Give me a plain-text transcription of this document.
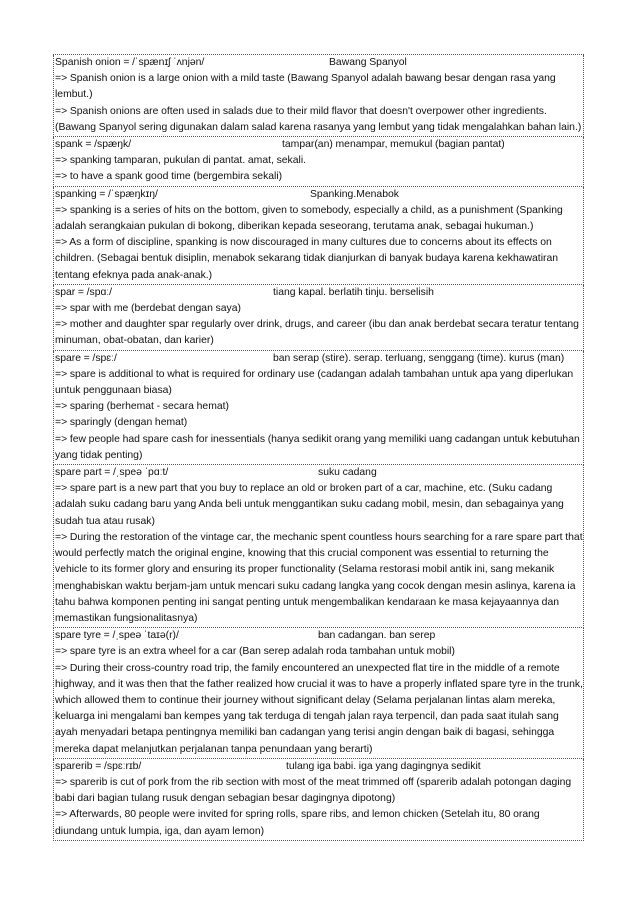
Spanish onion = /ˈspænɪʃ ˈʌnjən/	Bawang Spanyol
=> Spanish onion is a large onion with a mild taste (Bawang Spanyol adalah bawang besar dengan rasa yang lembut.)
=> Spanish onions are often used in salads due to their mild flavor that doesn't overpower other ingredients. (Bawang Spanyol sering digunakan dalam salad karena rasanya yang lembut yang tidak mengalahkan bahan lain.)
spank = /spæŋk/	tampar(an) menampar, memukul (bagian pantat)
=> spanking tamparan, pukulan di pantat. amat, sekali.
=> to have a spank good time (bergembira sekali)
spanking = /ˈspæŋkɪŋ/	Spanking.Menabok
=> spanking is a series of hits on the bottom, given to somebody, especially a child, as a punishment (Spanking adalah serangkaian pukulan di bokong, diberikan kepada seseorang, terutama anak, sebagai hukuman.)
=> As a form of discipline, spanking is now discouraged in many cultures due to concerns about its effects on children. (Sebagai bentuk disiplin, menabok sekarang tidak dianjurkan di banyak budaya karena kekhawatiran tentang efeknya pada anak-anak.)
spar = /spɑː/	tiang kapal. berlatih tinju. berselisih
=> spar with me (berdebat dengan saya)
=> mother and daughter spar regularly over drink, drugs, and career (ibu dan anak berdebat secara teratur tentang minuman, obat-obatan, dan karier)
spare = /spɛː/	ban serap (stire). serap. terluang, senggang (time). kurus (man)
=> spare is additional to what is required for ordinary use (cadangan adalah tambahan untuk apa yang diperlukan untuk penggunaan biasa)
=> sparing (berhemat - secara hemat)
=> sparingly (dengan hemat)
=> few people had spare cash for inessentials (hanya sedikit orang yang memiliki uang cadangan untuk kebutuhan yang tidak penting)
spare part = /ˌspeə ˈpɑːt/	suku cadang
=> spare part is a new part that you buy to replace an old or broken part of a car, machine, etc. (Suku cadang adalah suku cadang baru yang Anda beli untuk menggantikan suku cadang mobil, mesin, dan sebagainya yang sudah tua atau rusak)
=> During the restoration of the vintage car, the mechanic spent countless hours searching for a rare spare part that would perfectly match the original engine, knowing that this crucial component was essential to returning the vehicle to its former glory and ensuring its proper functionality (Selama restorasi mobil antik ini, sang mekanik menghabiskan waktu berjam-jam untuk mencari suku cadang langka yang cocok dengan mesin aslinya, karena ia tahu bahwa komponen penting ini sangat penting untuk mengembalikan kendaraan ke masa kejayaannya dan memastikan fungsionalitasnya)
spare tyre = /ˌspeə ˈtaɪə(r)/	ban cadangan. ban serep
=> spare tyre is an extra wheel for a car (Ban serep adalah roda tambahan untuk mobil)
=> During their cross-country road trip, the family encountered an unexpected flat tire in the middle of a remote highway, and it was then that the father realized how crucial it was to have a properly inflated spare tyre in the trunk, which allowed them to continue their journey without significant delay (Selama perjalanan lintas alam mereka, keluarga ini mengalami ban kempes yang tak terduga di tengah jalan raya terpencil, dan pada saat itulah sang ayah menyadari betapa pentingnya memiliki ban cadangan yang terisi angin dengan baik di bagasi, sehingga mereka dapat melanjutkan perjalanan tanpa penundaan yang berarti)
sparerib = /spɛːrɪb/	tulang iga babi. iga yang dagingnya sedikit
=> sparerib is cut of pork from the rib section with most of the meat trimmed off (sparerib adalah potongan daging babi dari bagian tulang rusuk dengan sebagian besar dagingnya dipotong)
=> Afterwards, 80 people were invited for spring rolls, spare ribs, and lemon chicken (Setelah itu, 80 orang diundang untuk lumpia, iga, dan ayam lemon)
